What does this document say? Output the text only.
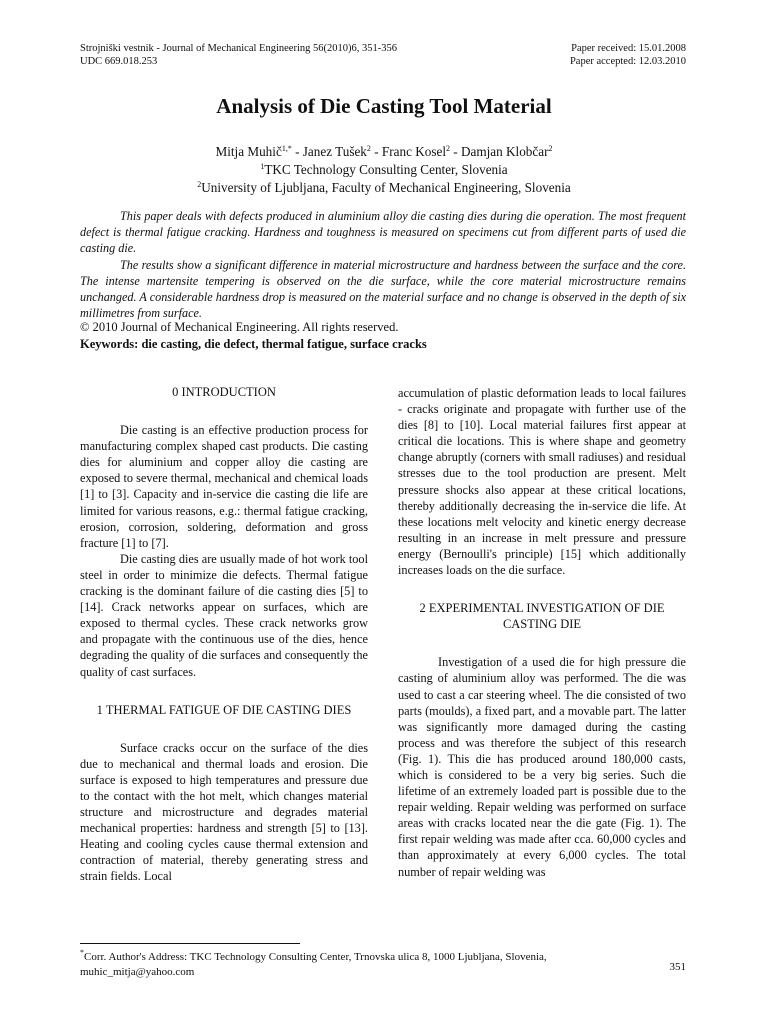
Strojniški vestnik - Journal of Mechanical Engineering 56(2010)6, 351-356
UDC 669.018.253
Paper received: 15.01.2008
Paper accepted: 12.03.2010
Analysis of Die Casting Tool Material

Mitja Muhič$^{1,*}$ - Janez Tušek$^2$ - Franc Kosel$^2$ - Damjan Klobčar$^2$

$^1$TKC Technology Consulting Center, Slovenia

$^2$University of Ljubljana, Faculty of Mechanical Engineering, Slovenia

This paper deals with defects produced in aluminium alloy die casting dies during die operation. The most frequent defect is thermal fatigue cracking. Hardness and toughness is measured on specimens cut from different parts of used die casting die.

The results show a significant difference in material microstructure and hardness between the surface and the core. The intense martensite tempering is observed on the die surface, while the core material microstructure remains unchanged. A considerable hardness drop is measured on the material surface and no change is observed in the depth of six millimetres from surface.

© 2010 Journal of Mechanical Engineering. All rights reserved.
Keywords: die casting, die defect, thermal fatigue, surface cracks
0 INTRODUCTION

Die casting is an effective production process for manufacturing complex shaped cast products. Die casting dies for aluminium and copper alloy die casting are exposed to severe thermal, mechanical and chemical loads [1] to [3]. Capacity and in-service die casting die life are limited for various reasons, e.g.: thermal fatigue cracking, erosion, corrosion, soldering, deformation and gross fracture [1] to [7].

Die casting dies are usually made of hot work tool steel in order to minimize die defects. Thermal fatigue cracking is the dominant failure of die casting dies [5] to [14]. Crack networks appear on surfaces, which are exposed to thermal cycles. These crack networks grow and propagate with the continuous use of the dies, hence degrading the quality of die surfaces and consequently the quality of cast surfaces.

1 THERMAL FATIGUE OF DIE CASTING DIES

Surface cracks occur on the surface of the dies due to mechanical and thermal loads and erosion. Die surface is exposed to high temperatures and pressure due to the contact with the hot melt, which changes material structure and microstructure and degrades material mechanical properties: hardness and strength [5] to [13]. Heating and cooling cycles cause thermal extension and contraction of material, thereby generating stress and strain fields. Local

accumulation of plastic deformation leads to local failures - cracks originate and propagate with further use of the dies [8] to [10]. Local material failures first appear at critical die locations. This is where shape and geometry change abruptly (corners with small radiuses) and residual stresses due to the tool production are present. Melt pressure shocks also appear at these critical locations, thereby additionally decreasing the in-service die life. At these locations melt velocity and kinetic energy decrease resulting in an increase in melt pressure and pressure energy (Bernoulli's principle) [15] which additionally increases loads on the die surface.

2 EXPERIMENTAL INVESTIGATION OF DIE CASTING DIE

Investigation of a used die for high pressure die casting of aluminium alloy was performed. The die was used to cast a car steering wheel. The die consisted of two parts (moulds), a fixed part, and a movable part. The latter was significantly more damaged during the casting process and was therefore the subject of this research (Fig. 1). This die has produced around 180,000 casts, which is considered to be a very big series. Such die lifetime of an extremely loaded part is possible due to the repair welding. Repair welding was performed on surface areas with cracks located near the die gate (Fig. 1). The first repair welding was made after cca. 60,000 cycles and than approximately at every 6,000 cycles. The total number of repair welding was

*Corr. Author's Address: TKC Technology Consulting Center, Trnovska ulica 8, 1000 Ljubljana, Slovenia, muhic_mitja@yahoo.com	351
